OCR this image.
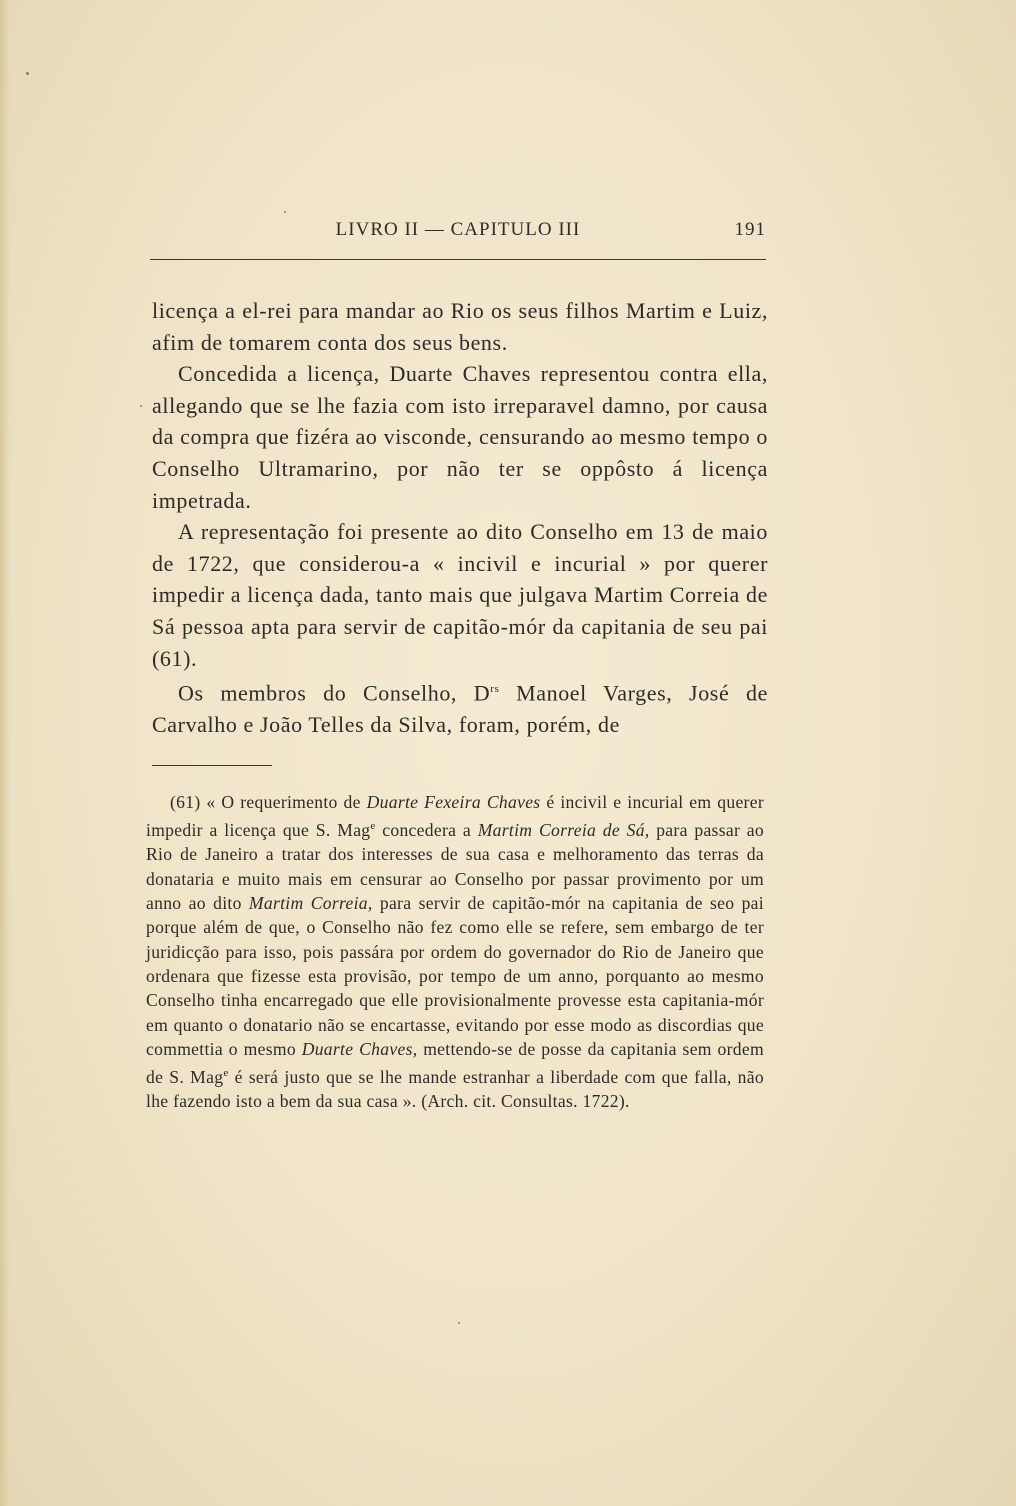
LIVRO II — CAPITULO III	191

licença a el-rei para mandar ao Rio os seus filhos Martim e Luiz, afim de tomarem conta dos seus bens.

Concedida a licença, Duarte Chaves representou contra ella, allegando que se lhe fazia com isto irreparavel damno, por causa da compra que fizéra ao visconde, censurando ao mesmo tempo o Conselho Ultramarino, por não ter se oppôsto á licença impetrada.

A representação foi presente ao dito Conselho em 13 de maio de 1722, que considerou-a « incivil e incurial » por querer impedir a licença dada, tanto mais que julgava Martim Correia de Sá pessoa apta para servir de capitão-mór da capitania de seu pai (61).

Os membros do Conselho, $D^{rs}$ Manoel Varges, José de Carvalho e João Telles da Silva, foram, porém, de

(61) « O requerimento de Duarte Fexeira Chaves é incivil e incurial em querer impedir a licença que S. Mag$^e$ concedera a Martim Correia de Sá, para passar ao Rio de Janeiro a tratar dos interesses de sua casa e melhoramento das terras da donataria e muito mais em censurar ao Conselho por passar provimento por um anno ao dito Martim Correia, para servir de capitão-mór na capitania de seo pai porque além de que, o Conselho não fez como elle se refere, sem embargo de ter juridicção para isso, pois passára por ordem do governador do Rio de Janeiro que ordenara que fizesse esta provisão, por tempo de um anno, porquanto ao mesmo Conselho tinha encarregado que elle provisionalmente provesse esta capitania-mór em quanto o donatario não se encartasse, evitando por esse modo as discordias que commettia o mesmo Duarte Chaves, mettendo-se de posse da capitania sem ordem de S. Mag$^e$ é será justo que se lhe mande estranhar a liberdade com que falla, não lhe fazendo isto a bem da sua casa ». (Arch. cit. Consultas. 1722).
